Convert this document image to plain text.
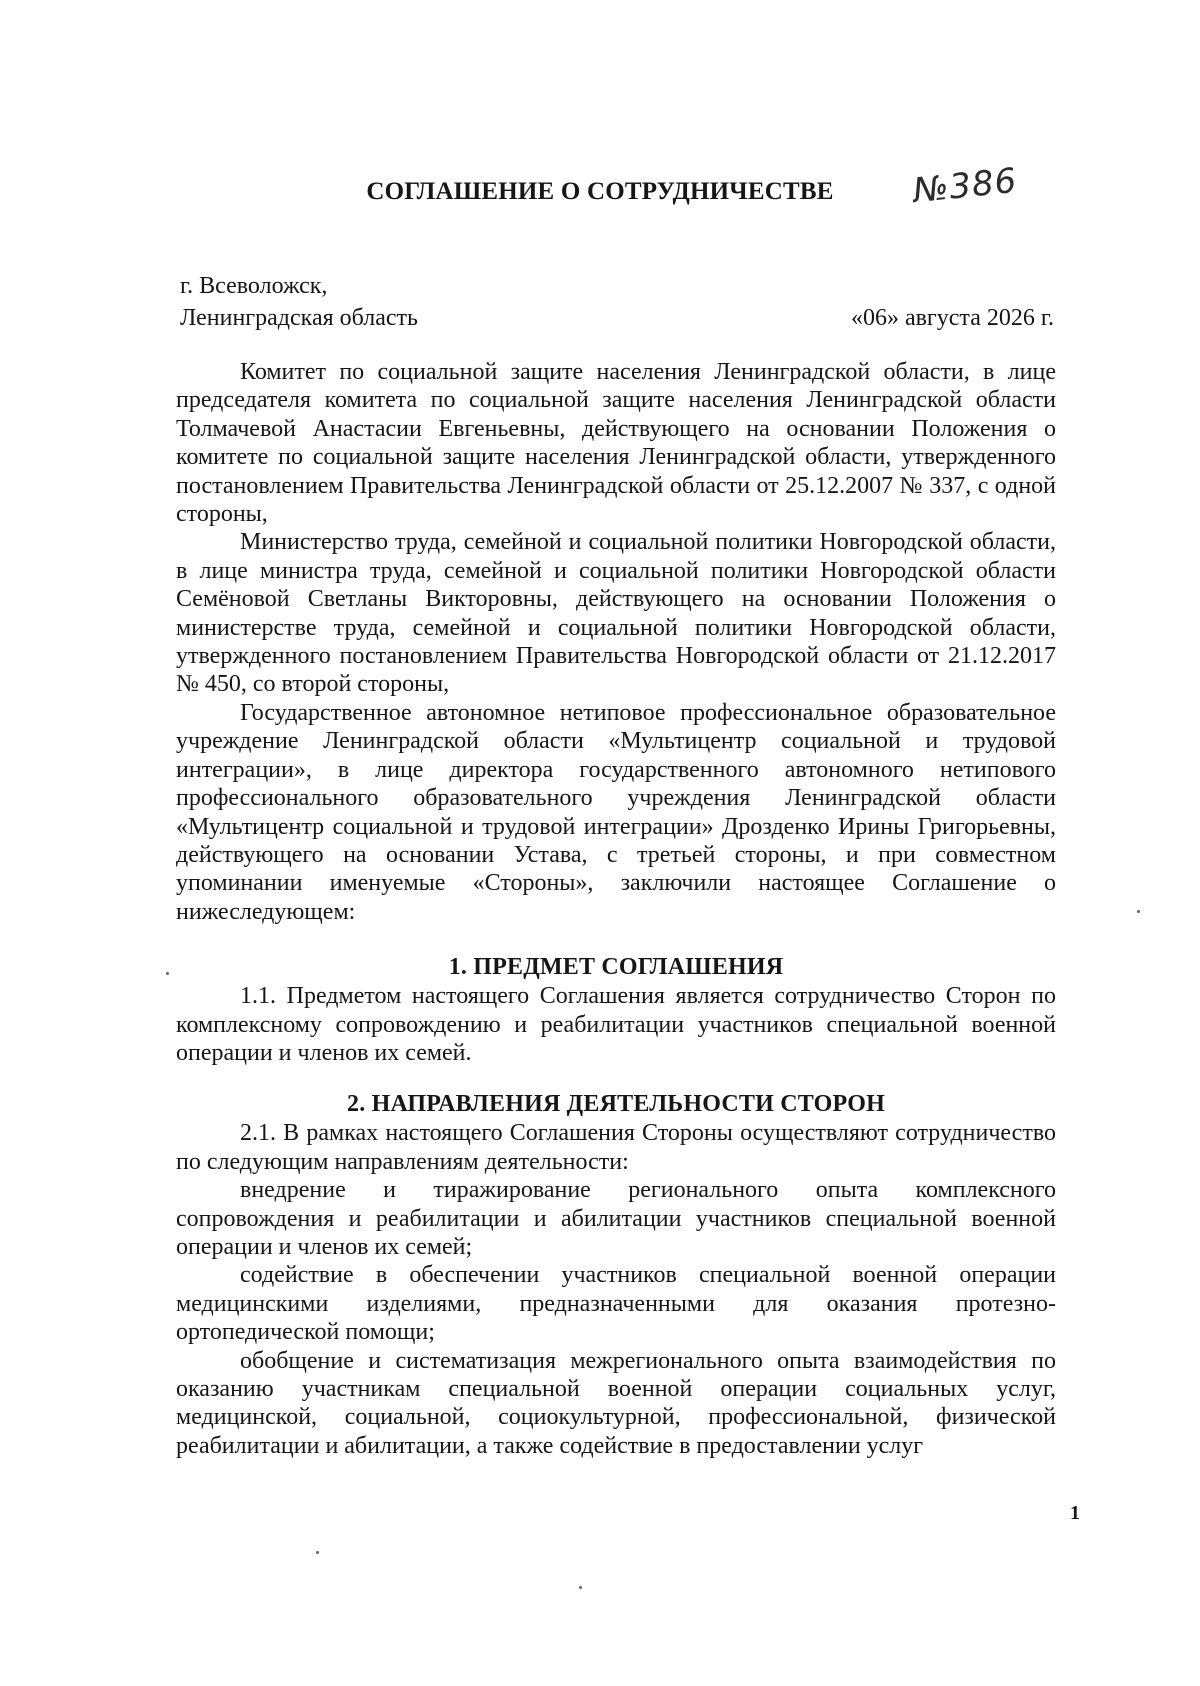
СОГЛАШЕНИЕ О СОТРУДНИЧЕСТВЕ	№386
г. Всеволожск,
Ленинградская область	«06» августа 2026 г.

Комитет по социальной защите населения Ленинградской области, в лице председателя комитета по социальной защите населения Ленинградской области Толмачевой Анастасии Евгеньевны, действующего на основании Положения о комитете по социальной защите населения Ленинградской области, утвержденного постановлением Правительства Ленинградской области от 25.12.2007 № 337, с одной стороны,

Министерство труда, семейной и социальной политики Новгородской области, в лице министра труда, семейной и социальной политики Новгородской области Семёновой Светланы Викторовны, действующего на основании Положения о министерстве труда, семейной и социальной политики Новгородской области, утвержденного постановлением Правительства Новгородской области от 21.12.2017 № 450, со второй стороны,

Государственное автономное нетиповое профессиональное образовательное учреждение Ленинградской области «Мультицентр социальной и трудовой интеграции», в лице директора государственного автономного нетипового профессионального образовательного учреждения Ленинградской области «Мультицентр социальной и трудовой интеграции» Дрозденко Ирины Григорьевны, действующего на основании Устава, с третьей стороны, и при совместном упоминании именуемые «Стороны», заключили настоящее Соглашение о нижеследующем:

1. ПРЕДМЕТ СОГЛАШЕНИЯ

1.1. Предметом настоящего Соглашения является сотрудничество Сторон по комплексному сопровождению и реабилитации участников специальной военной операции и членов их семей.

2. НАПРАВЛЕНИЯ ДЕЯТЕЛЬНОСТИ СТОРОН

2.1. В рамках настоящего Соглашения Стороны осуществляют сотрудничество по следующим направлениям деятельности:

внедрение и тиражирование регионального опыта комплексного сопровождения и реабилитации и абилитации участников специальной военной операции и членов их семей;

содействие в обеспечении участников специальной военной операции медицинскими изделиями, предназначенными для оказания протезно-ортопедической помощи;

обобщение и систематизация межрегионального опыта взаимодействия по оказанию участникам специальной военной операции социальных услуг, медицинской, социальной, социокультурной, профессиональной, физической реабилитации и абилитации, а также содействие в предоставлении услуг

1
